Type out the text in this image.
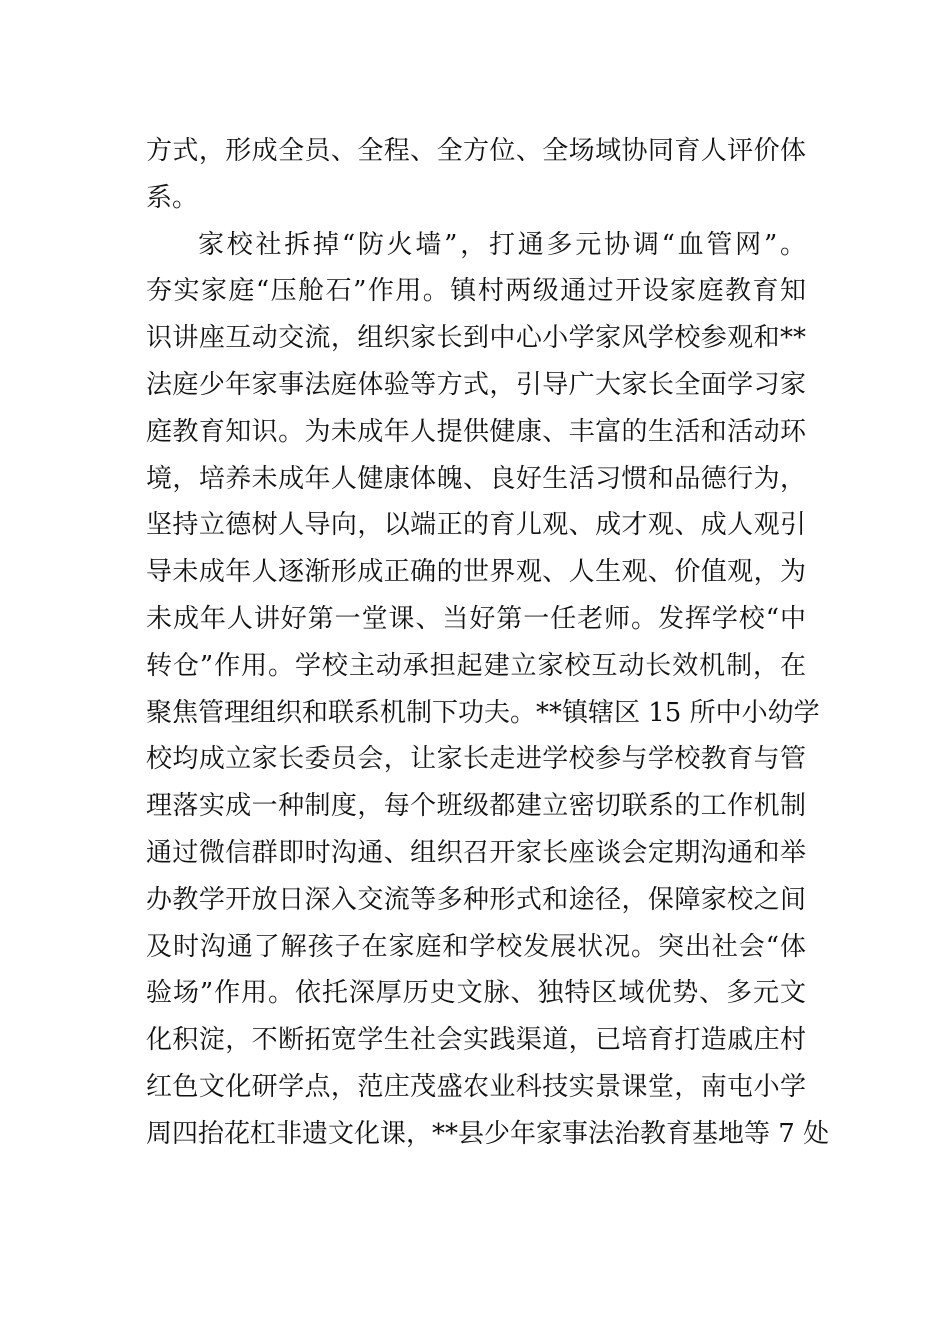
方式，形成全员、全程、全方位、全场域协同育人评价体
系。
家校社拆掉“防火墙”，打通多元协调“血管网”。
夯实家庭“压舱石”作用。镇村两级通过开设家庭教育知
识讲座互动交流，组织家长到中心小学家风学校参观和**
法庭少年家事法庭体验等方式，引导广大家长全面学习家
庭教育知识。为未成年人提供健康、丰富的生活和活动环
境，培养未成年人健康体魄、良好生活习惯和品德行为，
坚持立德树人导向，以端正的育儿观、成才观、成人观引
导未成年人逐渐形成正确的世界观、人生观、价值观，为
未成年人讲好第一堂课、当好第一任老师。发挥学校“中
转仓”作用。学校主动承担起建立家校互动长效机制，在
聚焦管理组织和联系机制下功夫。**镇辖区 15 所中小幼学
校均成立家长委员会，让家长走进学校参与学校教育与管
理落实成一种制度，每个班级都建立密切联系的工作机制
通过微信群即时沟通、组织召开家长座谈会定期沟通和举
办教学开放日深入交流等多种形式和途径，保障家校之间
及时沟通了解孩子在家庭和学校发展状况。突出社会“体
验场”作用。依托深厚历史文脉、独特区域优势、多元文
化积淀，不断拓宽学生社会实践渠道，已培育打造戚庄村
红色文化研学点，范庄茂盛农业科技实景课堂，南屯小学
周四抬花杠非遗文化课，**县少年家事法治教育基地等 7 处
